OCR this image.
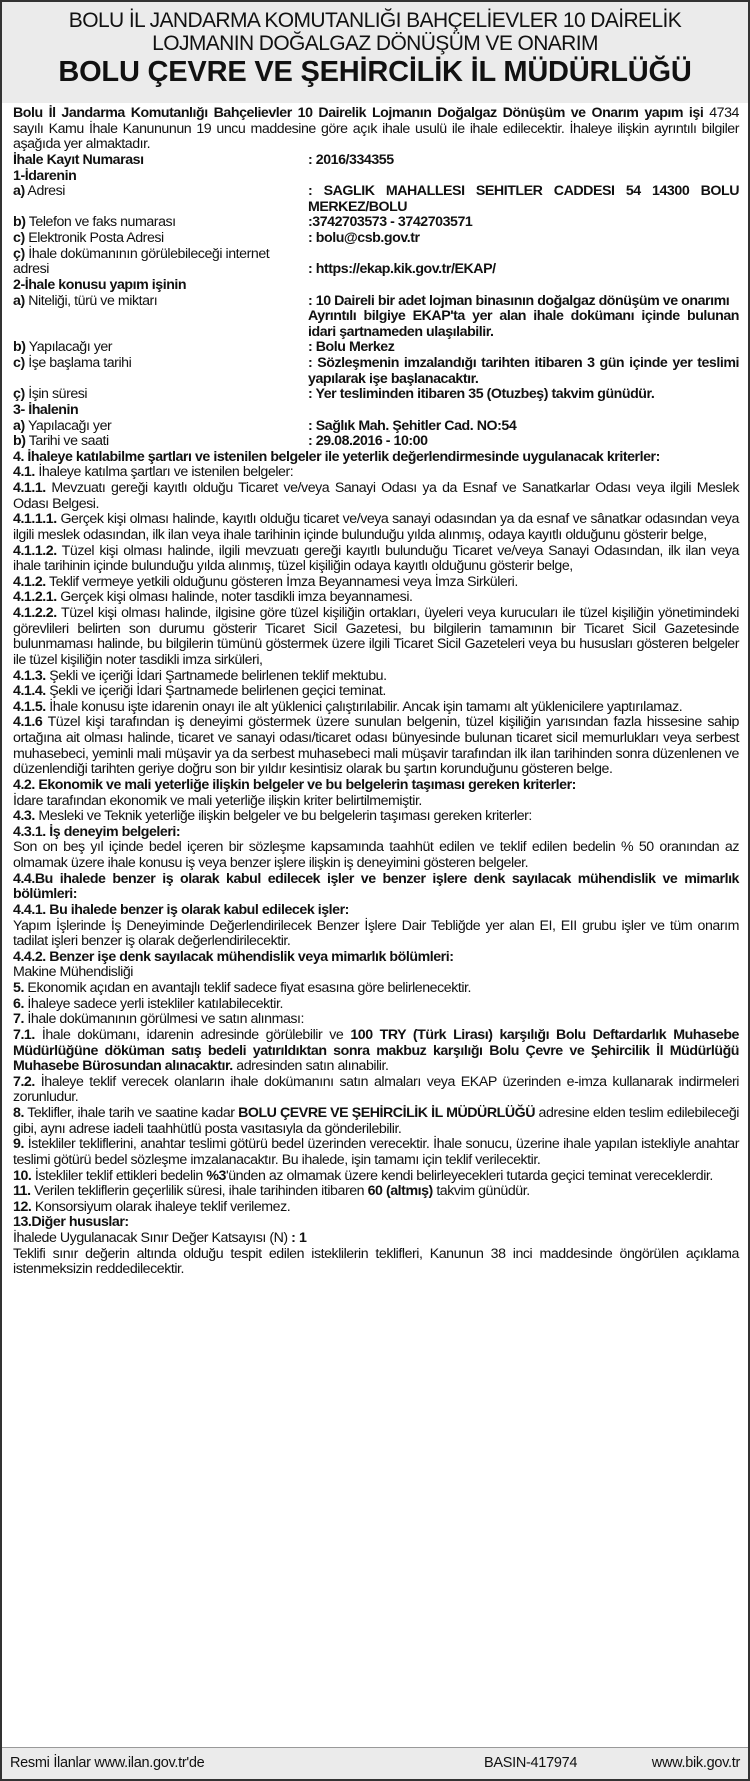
BOLU İL JANDARMA KOMUTANLIĞI BAHÇELİEVLER 10 DAİRELİK
LOJMANIN DOĞALGAZ DÖNÜŞÜM VE ONARIM
BOLU ÇEVRE VE ŞEHİRCİLİK İL MÜDÜRLÜĞÜ

Bolu İl Jandarma Komutanlığı Bahçelievler 10 Dairelik Lojmanın Doğalgaz Dönüşüm ve Onarım yapım işi 4734 sayılı Kamu İhale Kanununun 19 uncu maddesine göre açık ihale usulü ile ihale edilecektir. İhaleye ilişkin ayrıntılı bilgiler aşağıda yer almaktadır.

İhale Kayıt Numarası	: 2016/334355
1-İdarenin
a) Adresi	: SAGLIK MAHALLESI SEHITLER CADDESI 54 14300 BOLU MERKEZ/BOLU
b) Telefon ve faks numarası	:3742703573 - 3742703571
c) Elektronik Posta Adresi	: bolu@csb.gov.tr
ç) İhale dokümanının görülebileceği internet adresi	: https://ekap.kik.gov.tr/EKAP/
2-İhale konusu yapım işinin
a) Niteliği, türü ve miktarı	: 10 Daireli bir adet lojman binasının doğalgaz dönüşüm ve onarımı
Ayrıntılı bilgiye EKAP'ta yer alan ihale dokümanı içinde bulunan idari şartnameden ulaşılabilir.
b) Yapılacağı yer	: Bolu Merkez
c) İşe başlama tarihi	: Sözleşmenin imzalandığı tarihten itibaren 3 gün içinde yer teslimi yapılarak işe başlanacaktır.
ç) İşin süresi	: Yer tesliminden itibaren 35 (Otuzbeş) takvim günüdür.
3- İhalenin
a) Yapılacağı yer	: Sağlık Mah. Şehitler Cad. NO:54
b) Tarihi ve saati	: 29.08.2016 - 10:00

4. İhaleye katılabilme şartları ve istenilen belgeler ile yeterlik değerlendirmesinde uygulanacak kriterler:

4.1. İhaleye katılma şartları ve istenilen belgeler:

4.1.1. Mevzuatı gereği kayıtlı olduğu Ticaret ve/veya Sanayi Odası ya da Esnaf ve Sanatkarlar Odası veya ilgili Meslek Odası Belgesi.

4.1.1.1. Gerçek kişi olması halinde, kayıtlı olduğu ticaret ve/veya sanayi odasından ya da esnaf ve sânatkar odasından veya ilgili meslek odasından, ilk ilan veya ihale tarihinin içinde bulunduğu yılda alınmış, odaya kayıtlı olduğunu gösterir belge,

4.1.1.2. Tüzel kişi olması halinde, ilgili mevzuatı gereği kayıtlı bulunduğu Ticaret ve/veya Sanayi Odasından, ilk ilan veya ihale tarihinin içinde bulunduğu yılda alınmış, tüzel kişiliğin odaya kayıtlı olduğunu gösterir belge,

4.1.2. Teklif vermeye yetkili olduğunu gösteren İmza Beyannamesi veya İmza Sirküleri.

4.1.2.1. Gerçek kişi olması halinde, noter tasdikli imza beyannamesi.

4.1.2.2. Tüzel kişi olması halinde, ilgisine göre tüzel kişiliğin ortakları, üyeleri veya kurucuları ile tüzel kişiliğin yönetimindeki görevlileri belirten son durumu gösterir Ticaret Sicil Gazetesi, bu bilgilerin tamamının bir Ticaret Sicil Gazetesinde bulunmaması halinde, bu bilgilerin tümünü göstermek üzere ilgili Ticaret Sicil Gazeteleri veya bu hususları gösteren belgeler ile tüzel kişiliğin noter tasdikli imza sirküleri,

4.1.3. Şekli ve içeriği İdari Şartnamede belirlenen teklif mektubu.

4.1.4. Şekli ve içeriği İdari Şartnamede belirlenen geçici teminat.

4.1.5. İhale konusu işte idarenin onayı ile alt yüklenici çalıştırılabilir. Ancak işin tamamı alt yüklenicilere yaptırılamaz.

4.1.6 Tüzel kişi tarafından iş deneyimi göstermek üzere sunulan belgenin, tüzel kişiliğin yarısından fazla hissesine sahip ortağına ait olması halinde, ticaret ve sanayi odası/ticaret odası bünyesinde bulunan ticaret sicil memurlukları veya serbest muhasebeci, yeminli mali müşavir ya da serbest muhasebeci mali müşavir tarafından ilk ilan tarihinden sonra düzenlenen ve düzenlendiği tarihten geriye doğru son bir yıldır kesintisiz olarak bu şartın korunduğunu gösteren belge.

4.2. Ekonomik ve mali yeterliğe ilişkin belgeler ve bu belgelerin taşıması gereken kriterler:

İdare tarafından ekonomik ve mali yeterliğe ilişkin kriter belirtilmemiştir.

4.3. Mesleki ve Teknik yeterliğe ilişkin belgeler ve bu belgelerin taşıması gereken kriterler:

4.3.1. İş deneyim belgeleri:

Son on beş yıl içinde bedel içeren bir sözleşme kapsamında taahhüt edilen ve teklif edilen bedelin % 50 oranından az olmamak üzere ihale konusu iş veya benzer işlere ilişkin iş deneyimini gösteren belgeler.

4.4.Bu ihalede benzer iş olarak kabul edilecek işler ve benzer işlere denk sayılacak mühendislik ve mimarlık bölümleri:

4.4.1. Bu ihalede benzer iş olarak kabul edilecek işler:

Yapım İşlerinde İş Deneyiminde Değerlendirilecek Benzer İşlere Dair Tebliğde yer alan EI, EII grubu işler ve tüm onarım tadilat işleri benzer iş olarak değerlendirilecektir.

4.4.2. Benzer işe denk sayılacak mühendislik veya mimarlık bölümleri:

Makine Mühendisliği

5. Ekonomik açıdan en avantajlı teklif sadece fiyat esasına göre belirlenecektir.

6. İhaleye sadece yerli istekliler katılabilecektir.

7. İhale dokümanının görülmesi ve satın alınması:

7.1. İhale dokümanı, idarenin adresinde görülebilir ve 100 TRY (Türk Lirası) karşılığı Bolu Deftardarlık Muhasebe Müdürlüğüne döküman satış bedeli yatırıldıktan sonra makbuz karşılığı Bolu Çevre ve Şehircilik İl Müdürlüğü Muhasebe Bürosundan alınacaktır. adresinden satın alınabilir.

7.2. İhaleye teklif verecek olanların ihale dokümanını satın almaları veya EKAP üzerinden e-imza kullanarak indirmeleri zorunludur.

8. Teklifler, ihale tarih ve saatine kadar BOLU ÇEVRE VE ŞEHİRCİLİK İL MÜDÜRLÜĞÜ adresine elden teslim edilebileceği gibi, aynı adrese iadeli taahhütlü posta vasıtasıyla da gönderilebilir.

9. İstekliler tekliflerini, anahtar teslimi götürü bedel üzerinden verecektir. İhale sonucu, üzerine ihale yapılan istekliyle anahtar teslimi götürü bedel sözleşme imzalanacaktır. Bu ihalede, işin tamamı için teklif verilecektir.

10. İstekliler teklif ettikleri bedelin %3'ünden az olmamak üzere kendi belirleyecekleri tutarda geçici teminat vereceklerdir.

11. Verilen tekliflerin geçerlilik süresi, ihale tarihinden itibaren 60 (altmış) takvim günüdür.

12. Konsorsiyum olarak ihaleye teklif verilemez.

13.Diğer hususlar:

İhalede Uygulanacak Sınır Değer Katsayısı (N) : 1

Teklifi sınır değerin altında olduğu tespit edilen isteklilerin teklifleri, Kanunun 38 inci maddesinde öngörülen açıklama istenmeksizin reddedilecektir.

Resmi İlanlar www.ilan.gov.tr'de	BASIN-417974	www.bik.gov.tr
